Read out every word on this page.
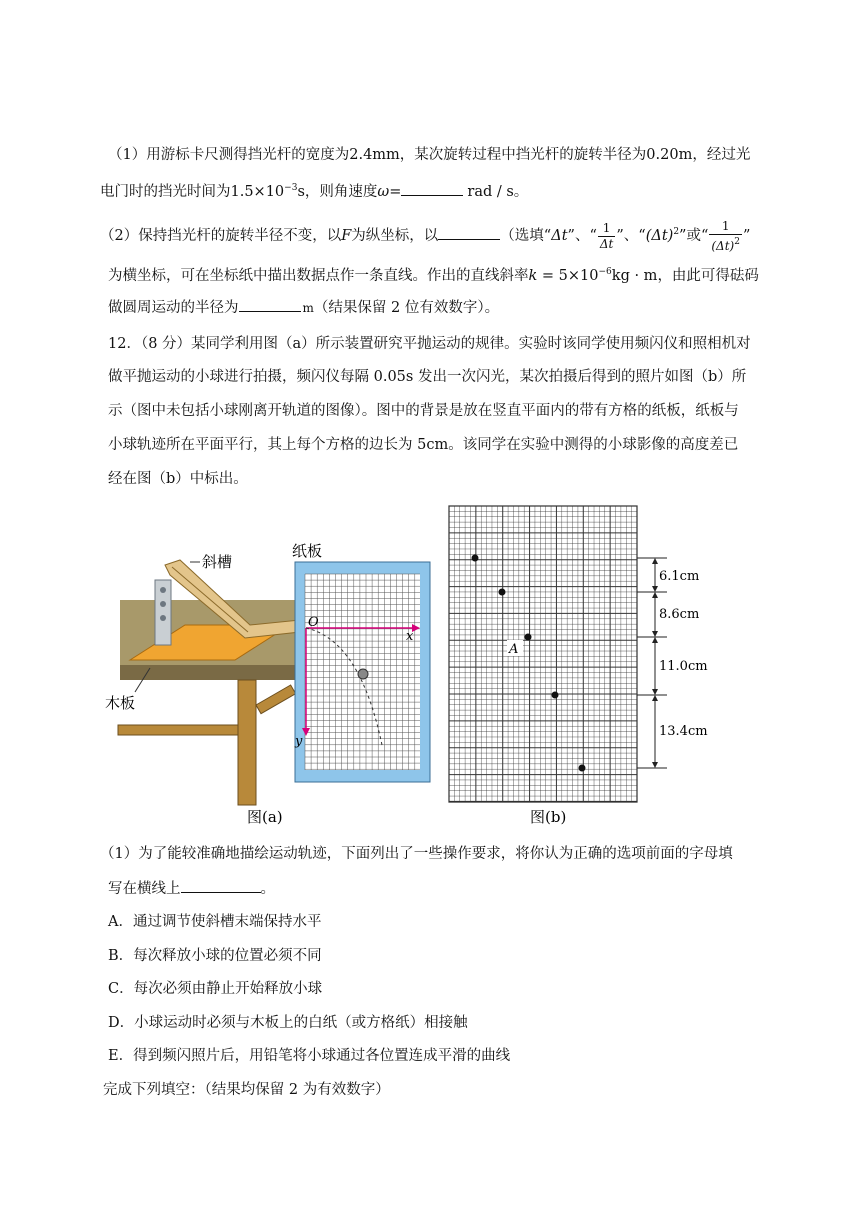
（1）用游标卡尺测得挡光杆的宽度为2.4mm，某次旋转过程中挡光杆的旋转半径为0.20m，经过光
电门时的挡光时间为$1.5\times 10^{-3}s$，则角速度ω=	rad / s。
（2）保持挡光杆的旋转半径不变，以F为纵坐标，以	（选填“Δt”、“ $\frac{1}{\Delta t}$ ”、“$(\Delta t)^2$”或“ $\frac{1}{(\Delta t)^2}$ ”
为横坐标，可在坐标纸中描出数据点作一条直线。作出的直线斜率$k = 5\times 10^{-6}kg \cdot m$，由此可得砝码
做圆周运动的半径为	m（结果保留 2 位有效数字）。
12．（8 分）某同学利用图（a）所示装置研究平抛运动的规律。实验时该同学使用频闪仪和照相机对
做平抛运动的小球进行拍摄，频闪仪每隔 0.05s 发出一次闪光，某次拍摄后得到的照片如图（b）所
示（图中未包括小球刚离开轨道的图像）。图中的背景是放在竖直平面内的带有方格的纸板，纸板与
小球轨迹所在平面平行，其上每个方格的边长为 5cm。该同学在实验中测得的小球影像的高度差已
经在图（b）中标出。
斜槽
木板
纸板
O
x
y
图(a)
A
6.1cm
8.6cm
11.0cm
13.4cm
图(b)
（1）为了能较准确地描绘运动轨迹，下面列出了一些操作要求，将你认为正确的选项前面的字母填
写在横线上	。
A．通过调节使斜槽末端保持水平
B．每次释放小球的位置必须不同
C．每次必须由静止开始释放小球
D．小球运动时必须与木板上的白纸（或方格纸）相接触
E．得到频闪照片后，用铅笔将小球通过各位置连成平滑的曲线
完成下列填空：（结果均保留 2 为有效数字）
